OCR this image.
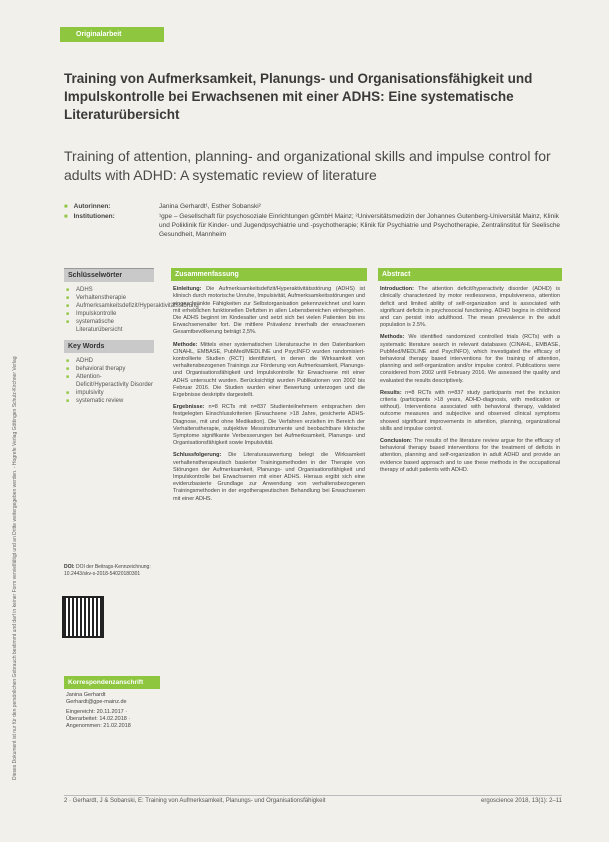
Originalarbeit
Dieses Dokument ist nur für den persönlichen Gebrauch bestimmt und darf in keiner Form vervielfältigt und an Dritte weitergegeben werden. - Hogrefe Verlag Göttingen Schulz-Kirchner Verlag
Training von Aufmerksamkeit, Planungs- und Organisationsfähigkeit und Impulskontrolle bei Erwachsenen mit einer ADHS: Eine systematische Literaturübersicht
Training of attention, planning- and organizational skills and impulse control for adults with ADHD: A systematic review of literature
■ Autorinnen:	Janina Gerhardt¹, Esther Sobanski²
■ Institutionen:	¹gpe – Gesellschaft für psychosoziale Einrichtungen gGmbH Mainz; ²Universitätsmedizin der Johannes Gutenberg-Universität Mainz, Klinik und Poliklinik für Kinder- und Jugendpsychiatrie und -psychotherapie; Klinik für Psychiatrie und Psychotherapie, Zentralinstitut für Seelische Gesundheit, Mannheim
Schlüsselwörter
■ ADHS
■ Verhaltenstherapie
■ Aufmerksamkeitsdefizit/Hyperaktivitätsstörung
■ Impulskontrolle
■ systematische Literaturübersicht
Key Words
■ ADHD
■ behavioral therapy
■ Attention-Deficit/Hyperactivity Disorder
■ impulsivity
■ systematic review
DOI: DOI der Beitrags-Kennzeichnung: 10.2443/skv-s-2018-54020180301
Korrespondenzanschrift
Janina Gerhardt
Gerhardt@gpe-mainz.de
Eingereicht: 20.11.2017 · Überarbeitet: 14.02.2018 · Angenommen: 21.02.2018
Zusammenfassung

Einleitung: Die Aufmerksamkeitsdefizit/Hyperaktivitätsstörung (ADHS) ist klinisch durch motorische Unruhe, Impulsivität, Aufmerksamkeitsstörungen und eingeschränkte Fähigkeiten zur Selbstorganisation gekennzeichnet und kann mit erheblichen funktionellen Defiziten in allen Lebensbereichen einhergehen. Die ADHS beginnt im Kindesalter und setzt sich bei vielen Patienten bis ins Erwachsenenalter fort. Die mittlere Prävalenz innerhalb der erwachsenen Gesamtbevölkerung beträgt 2,5%.

Methode: Mittels einer systematischen Literatursuche in den Datenbanken CINAHL, EMBASE, PubMed/MEDLINE und PsycINFO wurden randomisiert-kontrollierte Studien (RCT) identifiziert, in denen die Wirksamkeit von verhaltensbezogenen Trainings zur Förderung von Aufmerksamkeit, Planungs- und Organisationsfähigkeit und Impulskontrolle für Erwachsene mit einer ADHS untersucht wurden. Berücksichtigt wurden Publikationen von 2002 bis Februar 2016. Die Studien wurden einer Bewertung unterzogen und die Ergebnisse deskriptiv dargestellt.

Ergebnisse: n=8 RCTs mit n=837 Studienteilnehmern entsprachen den festgelegten Einschlusskriterien (Erwachsene >18 Jahre, gesicherte ADHS-Diagnose, mit und ohne Medikation). Die Verfahren erzielten im Bereich der Verhaltenstherapie, subjektive Messinstrumente und beobachtbare klinische Symptome signifikante Verbesserungen bei Aufmerksamkeit, Planungs- und Organisationsfähigkeit sowie Impulsivität.

Schlussfolgerung: Die Literaturauswertung belegt die Wirksamkeit verhaltenstherapeutisch basierter Trainingsmethoden in der Therapie von Störungen der Aufmerksamkeit, Planungs- und Organisationsfähigkeit und Impulskontrolle bei Erwachsenen mit einer ADHS. Hieraus ergibt sich eine evidenzbasierte Grundlage zur Anwendung von verhaltensbezogenen Trainingsmethoden in der ergotherapeutischen Behandlung bei Erwachsenen mit einer ADHS.

Abstract

Introduction: The attention deficit/hyperactivity disorder (ADHD) is clinically characterized by motor restlessness, impulsiveness, attention deficit and limited ability of self-organization and is associated with significant deficits in psychosocial functioning. ADHD begins in childhood and can persist into adulthood. The mean prevalence in the adult population is 2.5%.

Methods: We identified randomized controlled trials (RCTs) with a systematic literature search in relevant databases (CINAHL, EMBASE, PubMed/MEDLINE and PsycINFO), which investigated the efficacy of behavioral therapy based interventions for the training of attention, planning and self-organization and/or impulse control. Publications were considered from 2002 until February 2016. We assessed the quality and evaluated the results descriptively.

Results: n=8 RCTs with n=837 study participants met the inclusion criteria (participants >18 years, ADHD-diagnosis, with medication or without). Interventions associated with behavioral therapy, validated outcome measures and subjective and observed clinical symptoms showed significant improvements in attention, planning, organizational skills and impulse control.

Conclusion: The results of the literature review argue for the efficacy of behavioral therapy based interventions for the treatment of deficits in attention, planning and self-organization in adult ADHD and provide an evidence based approach and to use these methods in the occupational therapy of adult patients with ADHD.

2 · Gerhardt, J & Sobanski, E: Training von Aufmerksamkeit, Planungs- und Organisationsfähigkeit	ergoscience 2018, 13(1): 2–11
